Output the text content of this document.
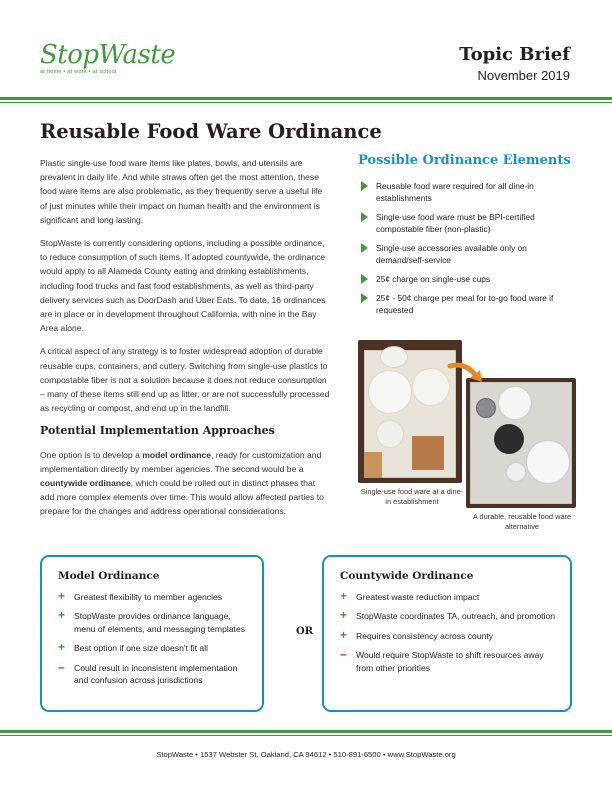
StopWaste
at home • at work • at school
Topic Brief
November 2019
Reusable Food Ware Ordinance

Plastic single-use food ware items like plates, bowls, and utensils are prevalent in daily life. And while straws often get the most attention, these food ware items are also problematic, as they frequently serve a useful life of just minutes while their impact on human health and the environment is significant and long lasting.

StopWaste is currently considering options, including a possible ordinance, to reduce consumption of such items. If adopted countywide, the ordinance would apply to all Alameda County eating and drinking establishments, including food trucks and fast food establishments, as well as third-party delivery services such as DoorDash and Uber Eats. To date, 16 ordinances are in place or in development throughout California, with nine in the Bay Area alone.

A critical aspect of any strategy is to foster widespread adoption of durable reusable cups, containers, and cutlery. Switching from single-use plastics to compostable fiber is not a solution because it does not reduce consumption – many of these items still end up as litter, or are not successfully processed as recycling or compost, and end up in the landfill.

Potential Implementation Approaches

One option is to develop a model ordinance, ready for customization and implementation directly by member agencies. The second would be a countywide ordinance, which could be rolled out in distinct phases that add more complex elements over time. This would allow affected parties to prepare for the changes and address operational considerations.

Possible Ordinance Elements
Reusable food ware required for all dine-in establishments
Single-use food ware must be BPI-certified compostable fiber (non-plastic)
Single-use accessories available only on demand/self-service
25¢ charge on single-use cups
25¢ - 50¢ charge per meal for to-go food ware if requested
Single-use food ware at a dine-in establishment
A durable, reusable food ware alternative
Model Ordinance
+ Greatest flexibility to member agencies
+ StopWaste provides ordinance language, menu of elements, and messaging templates
+ Best option if one size doesn't fit all
– Could result in inconsistent implementation and confusion across jurisdictions
OR
Countywide Ordinance
+ Greatest waste reduction impact
+ StopWaste coordinates TA, outreach, and promotion
+ Requires consistency across county
– Would require StopWaste to shift resources away from other priorities
StopWaste • 1537 Webster St, Oakland, CA 94612 • 510-891-6500 • www.StopWaste.org
